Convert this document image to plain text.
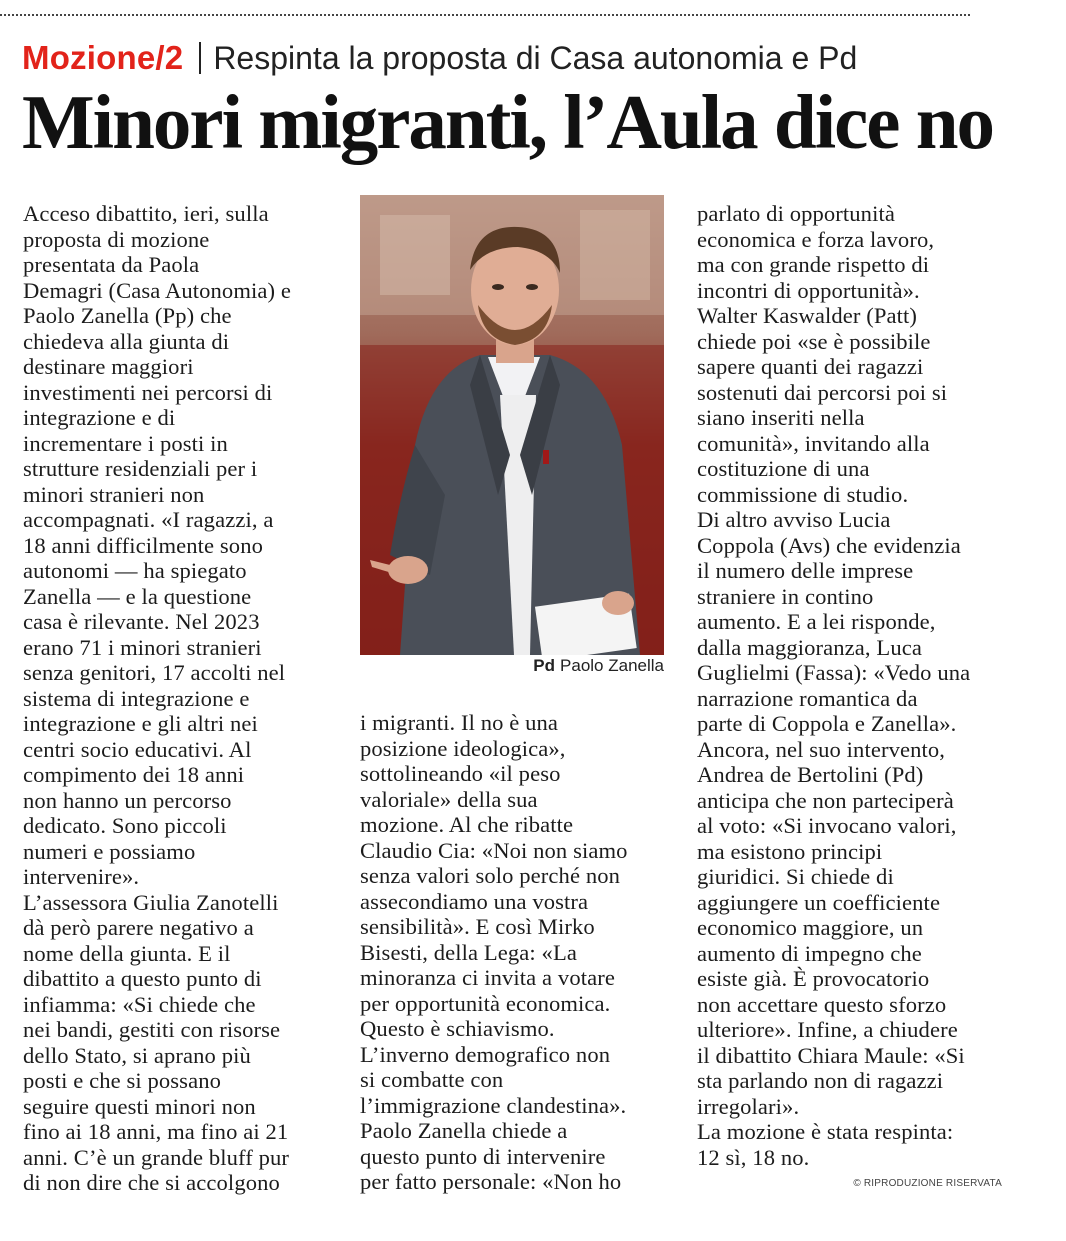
Mozione/2 Respinta la proposta di Casa autonomia e Pd
Minori migranti, l’Aula dice no

Acceso dibattito, ieri, sulla
proposta di mozione
presentata da Paola
Demagri (Casa Autonomia) e
Paolo Zanella (Pp) che
chiedeva alla giunta di
destinare maggiori
investimenti nei percorsi di
integrazione e di
incrementare i posti in
strutture residenziali per i
minori stranieri non
accompagnati. «I ragazzi, a
18 anni difficilmente sono
autonomi — ha spiegato
Zanella — e la questione
casa è rilevante. Nel 2023
erano 71 i minori stranieri
senza genitori, 17 accolti nel
sistema di integrazione e
integrazione e gli altri nei
centri socio educativi. Al
compimento dei 18 anni
non hanno un percorso
dedicato. Sono piccoli
numeri e possiamo
intervenire».
L’assessora Giulia Zanotelli
dà però parere negativo a
nome della giunta. E il
dibattito a questo punto di
infiamma: «Si chiede che
nei bandi, gestiti con risorse
dello Stato, si aprano più
posti e che si possano
seguire questi minori non
fino ai 18 anni, ma fino ai 21
anni. C’è un grande bluff pur
di non dire che si accolgono

Pd Paolo Zanella

i migranti. Il no è una
posizione ideologica»,
sottolineando «il peso
valoriale» della sua
mozione. Al che ribatte
Claudio Cia: «Noi non siamo
senza valori solo perché non
assecondiamo una vostra
sensibilità». E così Mirko
Bisesti, della Lega: «La
minoranza ci invita a votare
per opportunità economica.
Questo è schiavismo.
L’inverno demografico non
si combatte con
l’immigrazione clandestina».
Paolo Zanella chiede a
questo punto di intervenire
per fatto personale: «Non ho

parlato di opportunità
economica e forza lavoro,
ma con grande rispetto di
incontri di opportunità».
Walter Kaswalder (Patt)
chiede poi «se è possibile
sapere quanti dei ragazzi
sostenuti dai percorsi poi si
siano inseriti nella
comunità», invitando alla
costituzione di una
commissione di studio.
Di altro avviso Lucia
Coppola (Avs) che evidenzia
il numero delle imprese
straniere in contino
aumento. E a lei risponde,
dalla maggioranza, Luca
Guglielmi (Fassa): «Vedo una
narrazione romantica da
parte di Coppola e Zanella».
Ancora, nel suo intervento,
Andrea de Bertolini (Pd)
anticipa che non parteciperà
al voto: «Si invocano valori,
ma esistono principi
giuridici. Si chiede di
aggiungere un coefficiente
economico maggiore, un
aumento di impegno che
esiste già. È provocatorio
non accettare questo sforzo
ulteriore». Infine, a chiudere
il dibattito Chiara Maule: «Si
sta parlando non di ragazzi
irregolari».
La mozione è stata respinta:
12 sì, 18 no.

© RIPRODUZIONE RISERVATA
